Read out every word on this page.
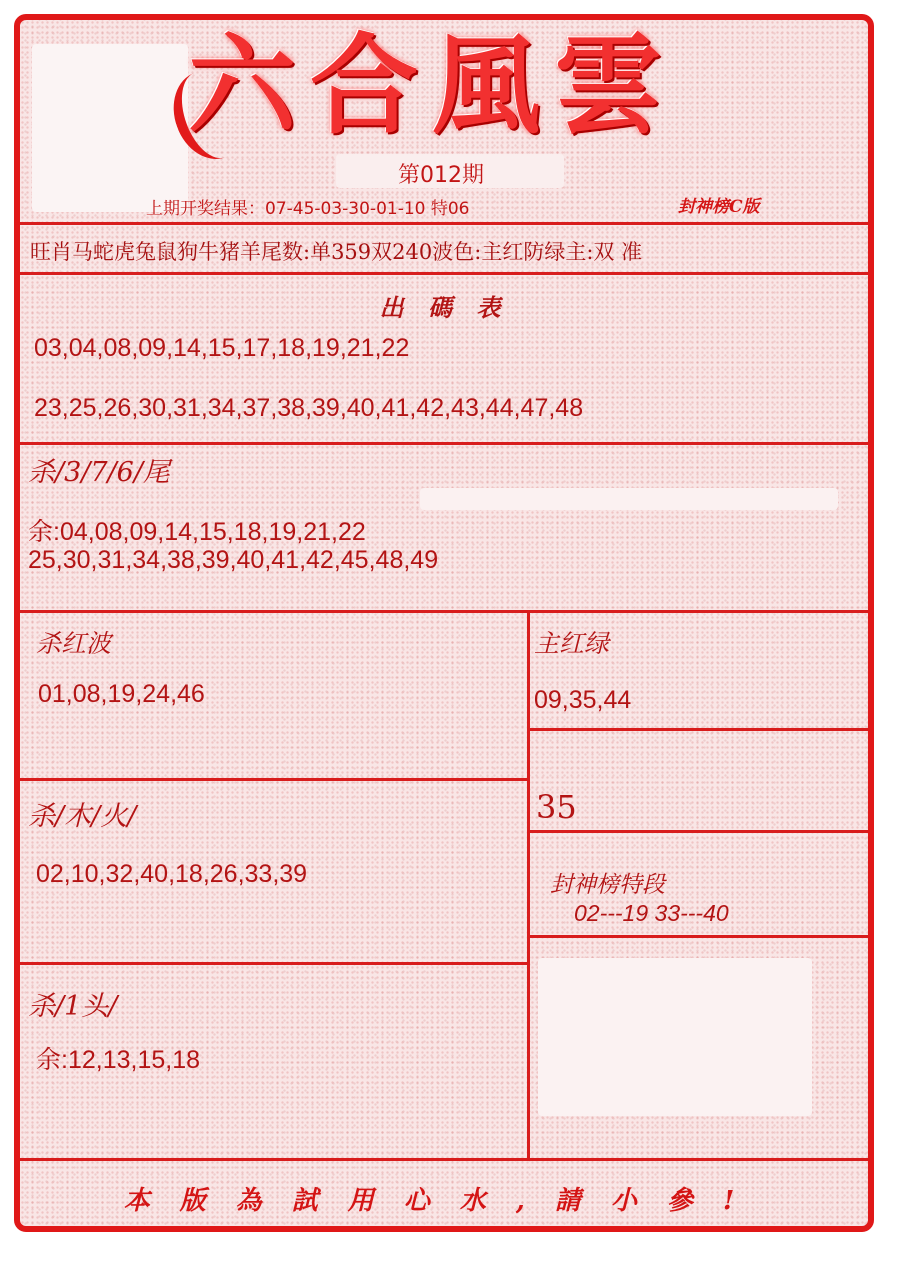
六合風雲
第012期
上期开奖结果：07-45-03-30-01-10 特06	封神榜C版
旺肖马蛇虎兔鼠狗牛猪羊尾数:单359双240波色:主红防绿主:双 准
出 碼 表
03,04,08,09,14,15,17,18,19,21,22
23,25,26,30,31,34,37,38,39,40,41,42,43,44,47,48
杀/3/7/6/尾
余:04,08,09,14,15,18,19,21,22
25,30,31,34,38,39,40,41,42,45,48,49
杀红波
01,08,19,24,46
主红绿
09,35,44
35
杀/木/火/
02,10,32,40,18,26,33,39	封神榜特段
02---19 33---40
杀/1头/
余:12,13,15,18
本版為試用心水,請小參!
